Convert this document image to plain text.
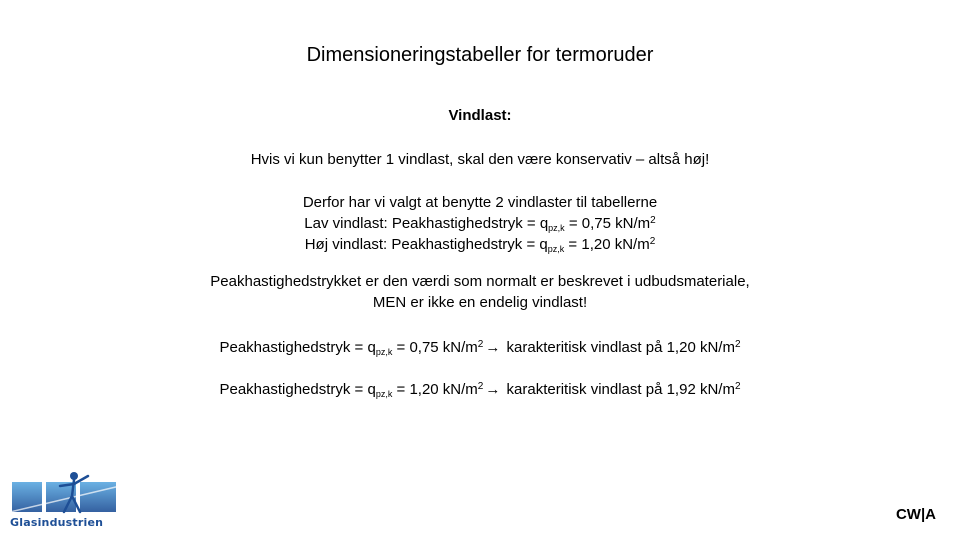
Dimensioneringstabeller for termoruder
Vindlast:
Hvis vi kun benytter 1 vindlast, skal den være konservativ – altså høj!
Derfor har vi valgt at benytte 2 vindlaster til tabellerne
Lav vindlast: Peakhastighedstryk = $q_{pz,k} = 0,75$ $kN/m^2$
Høj vindlast: Peakhastighedstryk = $q_{pz,k} = 1,20$ $kN/m^2$
Peakhastighedstrykket er den værdi som normalt er beskrevet i udbudsmateriale,
MEN er ikke en endelig vindlast!
Peakhastighedstryk = $q_{pz,k} = 0,75$ $kN/m^2$ → karakteritisk vindlast på 1,20 $kN/m^2$
Peakhastighedstryk = $q_{pz,k} = 1,20$ $kN/m^2$ → karakteritisk vindlast på 1,92 $kN/m^2$
Glasindustrien	CW|A
